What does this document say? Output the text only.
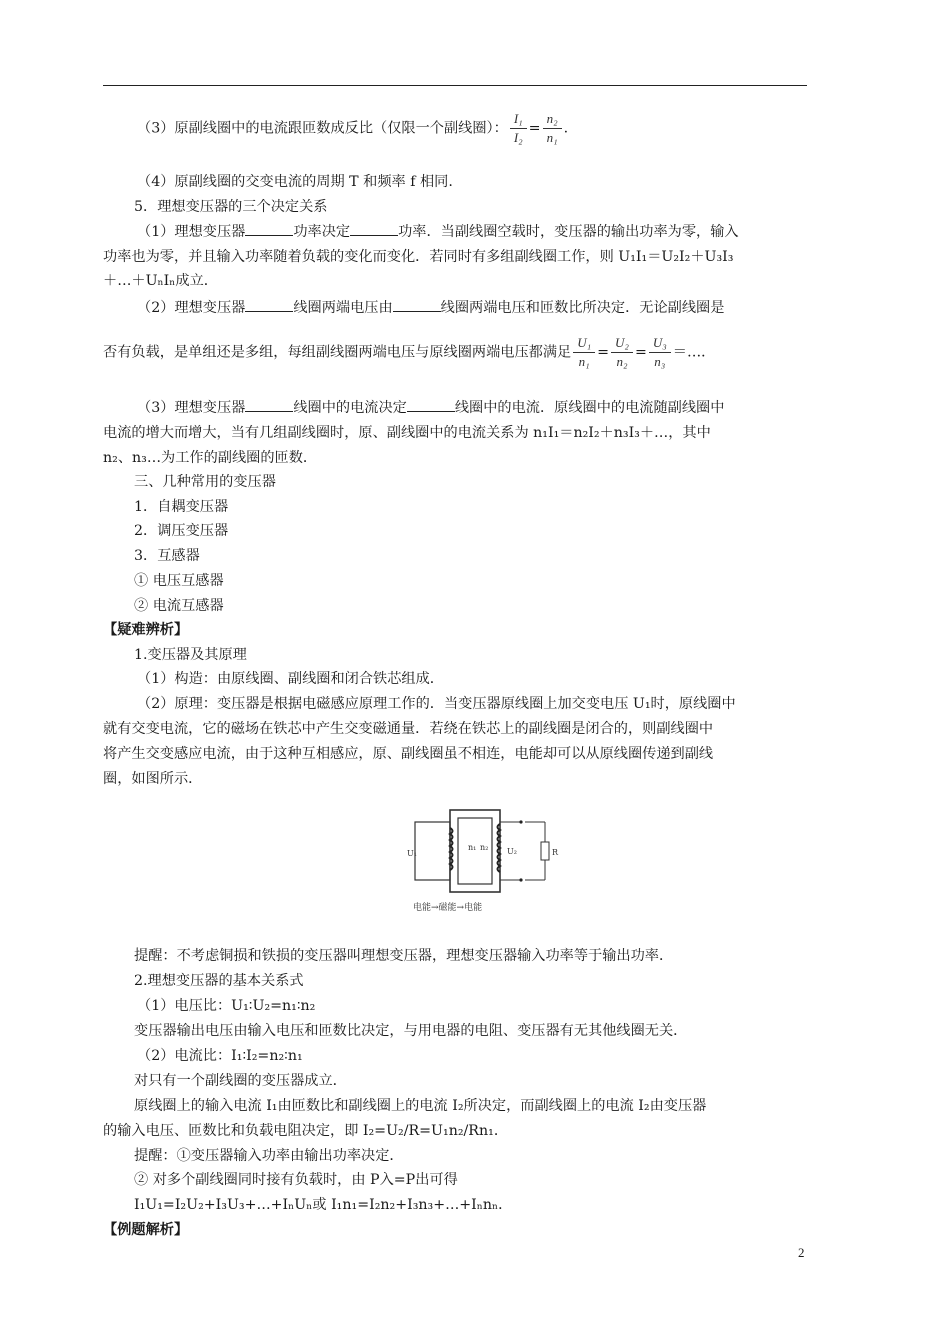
（3）原副线圈中的电流跟匝数成反比（仅限一个副线圈）： $\frac{\text{I₁}}{\text{I₂}} = \frac{\text{n₂}}{\text{n₁}}$ .
（4）原副线圈的交变电流的周期 T 和频率 f 相同.
5．理想变压器的三个决定关系
（1）理想变压器	功率决定	功率．当副线圈空载时，变压器的输出功率为零，输入
功率也为零，并且输入功率随着负载的变化而变化．若同时有多组副线圈工作，则 U₁I₁＝U₂I₂＋U₃I₃
＋…＋UₙIₙ成立．
（2）理想变压器	线圈两端电压由	线圈两端电压和匝数比所决定．无论副线圈是
否有负载，是单组还是多组，每组副线圈两端电压与原线圈两端电压都满足 $\frac{\text{U₁}}{\text{n₁}} = \frac{\text{U₂}}{\text{n₂}} = \frac{\text{U₃}}{\text{n₃}}$ ＝…．
（3）理想变压器	线圈中的电流决定	线圈中的电流．原线圈中的电流随副线圈中
电流的增大而增大，当有几组副线圈时，原、副线圈中的电流关系为 n₁I₁＝n₂I₂＋n₃I₃＋…，其中
n₂、n₃…为工作的副线圈的匝数．
三、几种常用的变压器
1．自耦变压器
2．调压变压器
3．互感器
① 电压互感器
② 电流互感器
【疑难辨析】
1.变压器及其原理
（1）构造：由原线圈、副线圈和闭合铁芯组成．
（2）原理：变压器是根据电磁感应原理工作的．当变压器原线圈上加交变电压 U₁时，原线圈中
就有交变电流，它的磁场在铁芯中产生交变磁通量．若绕在铁芯上的副线圈是闭合的，则副线圈中
将产生交变感应电流，由于这种互相感应，原、副线圈虽不相连，电能却可以从原线圈传递到副线
圈，如图所示．
U₁
n₁ n₂ U₂	R
电能→磁能→电能
提醒：不考虑铜损和铁损的变压器叫理想变压器，理想变压器输入功率等于输出功率．
2.理想变压器的基本关系式
（1）电压比：U₁∶U₂=n₁∶n₂
变压器输出电压由输入电压和匝数比决定，与用电器的电阻、变压器有无其他线圈无关．
（2）电流比：I₁∶I₂=n₂∶n₁
对只有一个副线圈的变压器成立．
原线圈上的输入电流 I₁由匝数比和副线圈上的电流 I₂所决定，而副线圈上的电流 I₂由变压器
的输入电压、匝数比和负载电阻决定，即 I₂=U₂/R=U₁n₂/Rn₁．
提醒：①变压器输入功率由输出功率决定．
② 对多个副线圈同时接有负载时，由 P入=P出可得
I₁U₁=I₂U₂+I₃U₃+…+IₙUₙ或 I₁n₁=I₂n₂+I₃n₃+…+Iₙnₙ．
【例题解析】
2
